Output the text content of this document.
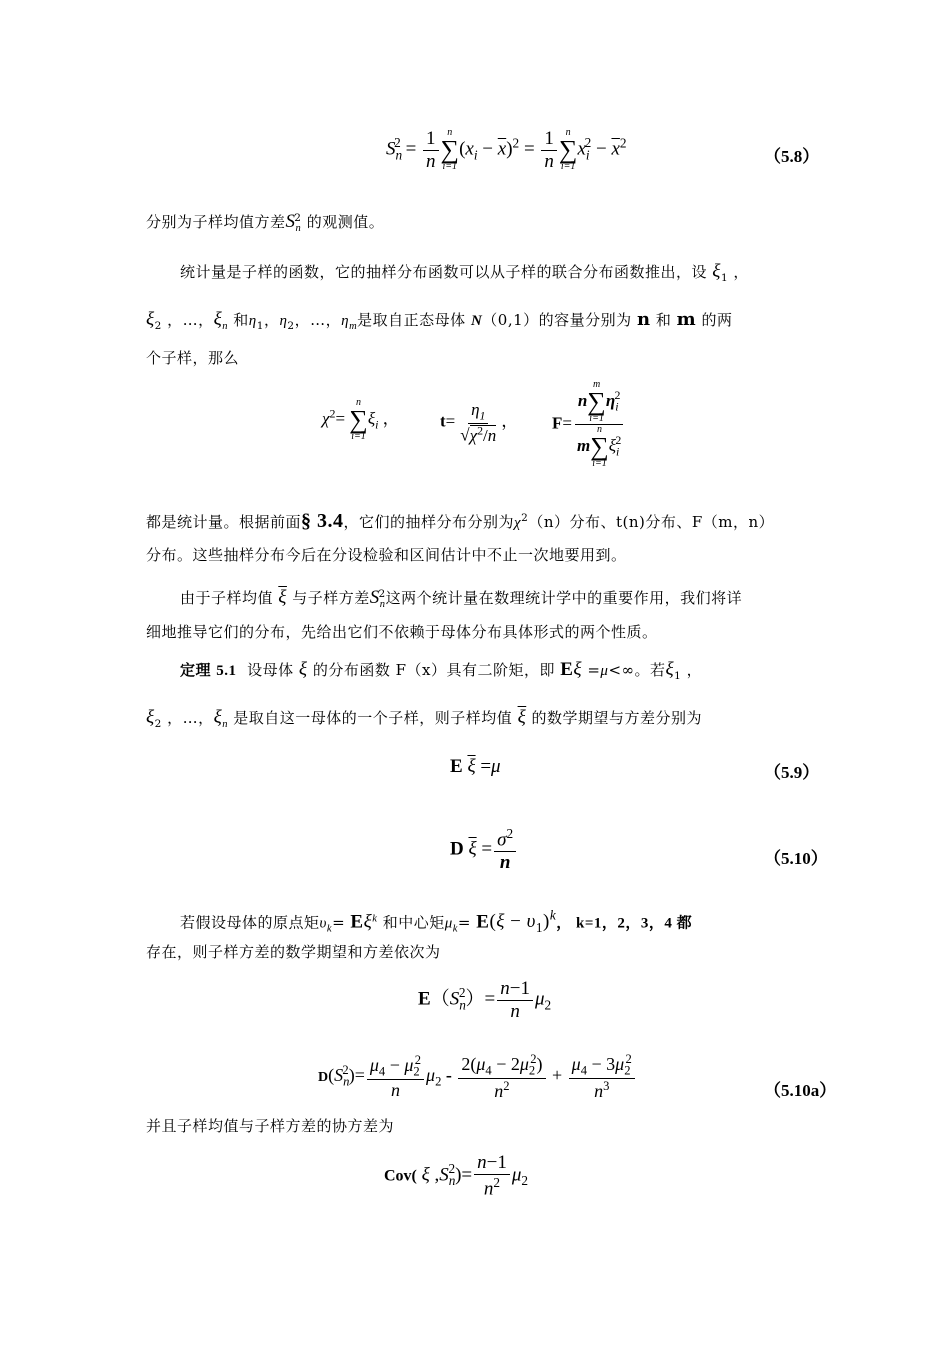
$S_n^2 = \frac{1}{n}$ n
∑
i=1
$(x_i - \overline{x})^2 = \frac{1}{n}$ n
∑
i=1
$x_i^2 - \overline{x}^2$
（5.8）
分别为子样均值方差$S_n^2$ 的观测值。
统计量是子样的函数，它的抽样分布函数可以从子样的联合分布函数推出，设 $\xi_1$ ，
$\xi_2$ ，…，$\xi_n$ 和$\eta_1$，$\eta_2$，…，$\eta_m$是取自正态母体 N（0,1）的容量分别为 n 和 m 的两
个子样，那么
$\chi^2=$
n
∑
i=1
$\xi_i$ ， $t= \frac{\eta_1}{√\chi^2/n}$ ， F= n
m
∑
i=1
$\eta_i^2$
m
n
∑
i=1
$\xi_i^2$
都是统计量。根据前面§ 3.4，它们的抽样分布分别为$\chi^2(n)$分布、t(n)分布、F（m，n）
分布。这些抽样分布今后在分设检验和区间估计中不止一次地要用到。
由于子样均值 $\overline{\xi}$ 与子样方差$S_n^2$这两个统计量在数理统计学中的重要作用，我们将详
细地推导它们的分布，先给出它们不依赖于母体分布具体形式的两个性质。
定理 5.1 设母体 ξ 的分布函数 F（x）具有二阶矩，即 Eξ =μ<∞。若$\xi_1$ ，
$\xi_2$ ，…，$\xi_n$ 是取自这一母体的一个子样，则子样均值 $\overline{\xi}$ 的数学期望与方差分别为
E $\overline{\xi} =\mu$	（5.9）
D $\overline{\xi} = \frac{\sigma^2}{n}$	（5.10）
若假设母体的原点矩$\upsilon_k= E\xi^k$ 和中心矩$\mu_k= E(\xi - \upsilon_1)^k$， k=1，2，3，4 都
存在，则子样方差的数学期望和方差依次为
$E(S_n^2)= \frac{n-1}{n} \mu_2$
$D(S_n^2)= \frac{\mu_4 - \mu_2^2}{n} \mu_2 - \frac{2(\mu_4 - 2\mu_2^2)}{n^2} + \frac{\mu_4 - 3\mu_2^2}{n^3}$	（5.10a）
并且子样均值与子样方差的协方差为
Cov( ξ $,S_n^2)= \frac{n-1}{n^2} \mu_2$
